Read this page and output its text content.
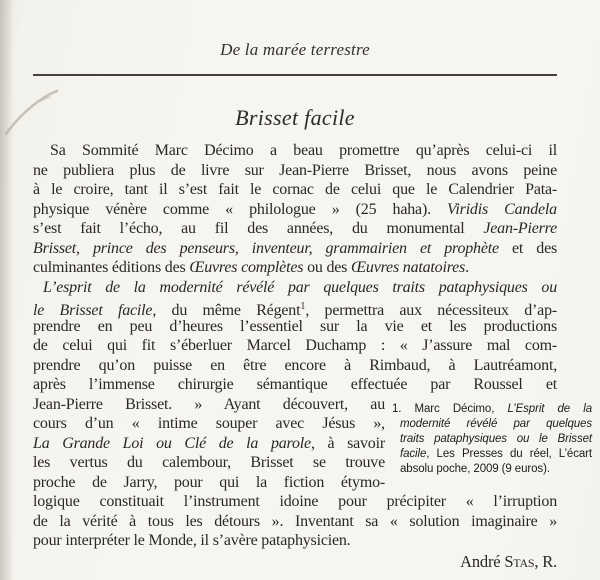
De la marée terrestre
Brisset facile
Sa Sommité Marc Décimo a beau promettre qu’après celui-ci il
ne publiera plus de livre sur Jean-Pierre Brisset, nous avons peine
à le croire, tant il s’est fait le cornac de celui que le Calendrier Pata-
physique vénère comme « philologue » (25 haha). Viridis Candela
s’est fait l’écho, au fil des années, du monumental Jean-Pierre
Brisset, prince des penseurs, inventeur, grammairien et prophète et des
culminantes éditions des Œuvres complètes ou des Œuvres natatoires.
L’esprit de la modernité révélé par quelques traits pataphysiques ou
le Brisset facile, du même Régent$^1$, permettra aux nécessiteux d’ap-
prendre en peu d’heures l’essentiel sur la vie et les productions
de celui qui fit s’éberluer Marcel Duchamp : « J’assure mal com-
prendre qu’on puisse en être encore à Rimbaud, à Lautréamont,
après l’immense chirurgie sémantique effectuée par Roussel et
Jean-Pierre Brisset. » Ayant découvert, au
cours d’un « intime souper avec Jésus »,
La Grande Loi ou Clé de la parole, à savoir
les vertus du calembour, Brisset se trouve
proche de Jarry, pour qui la fiction étymo-
logique constituait l’instrument idoine pour précipiter « l’irruption
de la vérité à tous les détours ». Inventant sa « solution imaginaire »
pour interpréter le Monde, il s’avère pataphysicien.
1. Marc Décimo, L’Esprit de la
modernité révélé par quelques
traits pataphysiques ou le Brisset
facile, Les Presses du réel, L’écart
absolu poche, 2009 (9 euros).
André Stas, R.
